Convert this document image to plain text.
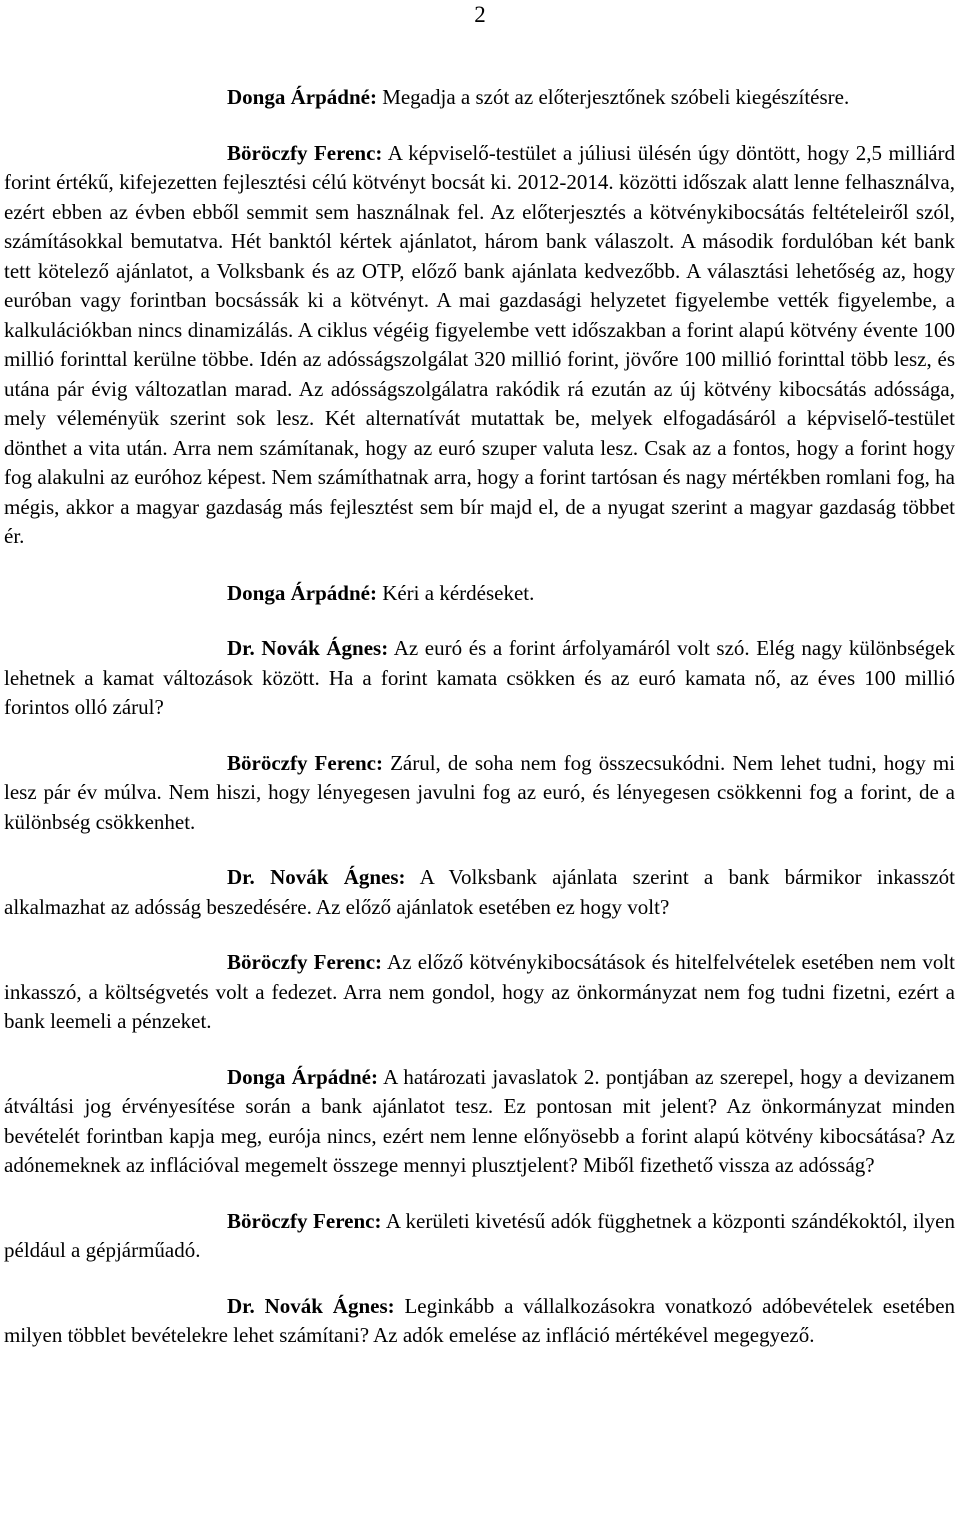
2

Donga Árpádné: Megadja a szót az előterjesztőnek szóbeli kiegészítésre.

Böröczfy Ferenc: A képviselő-testület a júliusi ülésén úgy döntött, hogy 2,5 milliárd forint értékű, kifejezetten fejlesztési célú kötvényt bocsát ki. 2012-2014. közötti időszak alatt lenne felhasználva, ezért ebben az évben ebből semmit sem használnak fel. Az előterjesztés a kötvénykibocsátás feltételeiről szól, számításokkal bemutatva. Hét banktól kértek ajánlatot, három bank válaszolt. A második fordulóban két bank tett kötelező ajánlatot, a Volksbank és az OTP, előző bank ajánlata kedvezőbb. A választási lehetőség az, hogy euróban vagy forintban bocsássák ki a kötvényt. A mai gazdasági helyzetet figyelembe vették figyelembe, a kalkulációkban nincs dinamizálás. A ciklus végéig figyelembe vett időszakban a forint alapú kötvény évente 100 millió forinttal kerülne többe. Idén az adósságszolgálat 320 millió forint, jövőre 100 millió forinttal több lesz, és utána pár évig változatlan marad. Az adósságszolgálatra rakódik rá ezután az új kötvény kibocsátás adóssága, mely véleményük szerint sok lesz. Két alternatívát mutattak be, melyek elfogadásáról a képviselő-testület dönthet a vita után. Arra nem számítanak, hogy az euró szuper valuta lesz. Csak az a fontos, hogy a forint hogy fog alakulni az euróhoz képest. Nem számíthatnak arra, hogy a forint tartósan és nagy mértékben romlani fog, ha mégis, akkor a magyar gazdaság más fejlesztést sem bír majd el, de a nyugat szerint a magyar gazdaság többet ér.

Donga Árpádné: Kéri a kérdéseket.

Dr. Novák Ágnes: Az euró és a forint árfolyamáról volt szó. Elég nagy különbségek lehetnek a kamat változások között. Ha a forint kamata csökken és az euró kamata nő, az éves 100 millió forintos olló zárul?

Böröczfy Ferenc: Zárul, de soha nem fog összecsukódni. Nem lehet tudni, hogy mi lesz pár év múlva. Nem hiszi, hogy lényegesen javulni fog az euró, és lényegesen csökkenni fog a forint, de a különbség csökkenhet.

Dr. Novák Ágnes: A Volksbank ajánlata szerint a bank bármikor inkasszót alkalmazhat az adósság beszedésére. Az előző ajánlatok esetében ez hogy volt?

Böröczfy Ferenc: Az előző kötvénykibocsátások és hitelfelvételek esetében nem volt inkasszó, a költségvetés volt a fedezet. Arra nem gondol, hogy az önkormányzat nem fog tudni fizetni, ezért a bank leemeli a pénzeket.

Donga Árpádné: A határozati javaslatok 2. pontjában az szerepel, hogy a devizanem átváltási jog érvényesítése során a bank ajánlatot tesz. Ez pontosan mit jelent? Az önkormányzat minden bevételét forintban kapja meg, eurója nincs, ezért nem lenne előnyösebb a forint alapú kötvény kibocsátása? Az adónemeknek az inflációval megemelt összege mennyi plusztjelent? Miből fizethető vissza az adósság?

Böröczfy Ferenc: A kerületi kivetésű adók függhetnek a központi szándékoktól, ilyen például a gépjárműadó.

Dr. Novák Ágnes: Leginkább a vállalkozásokra vonatkozó adóbevételek esetében milyen többlet bevételekre lehet számítani? Az adók emelése az infláció mértékével megegyező.
